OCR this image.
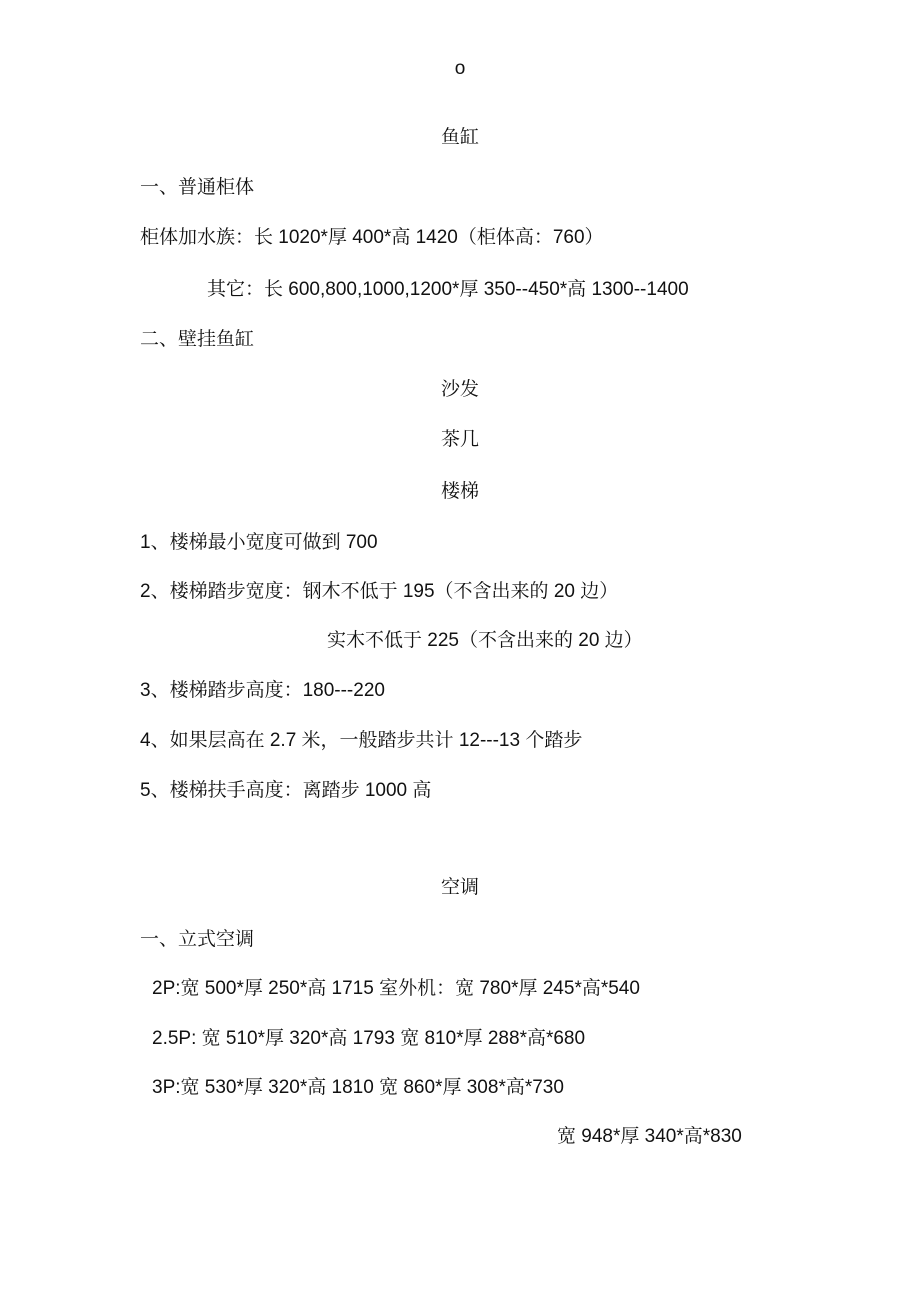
o
鱼缸
一、普通柜体
柜体加水族：长 1020*厚 400*高 1420（柜体高：760）
其它：长 600,800,1000,1200*厚 350--450*高 1300--1400
二、壁挂鱼缸
沙发
茶几
楼梯
1、楼梯最小宽度可做到 700
2、楼梯踏步宽度：钢木不低于 195（不含出来的 20 边）
实木不低于 225（不含出来的 20 边）
3、楼梯踏步高度：180---220
4、如果层高在 2.7 米，一般踏步共计 12---13 个踏步
5、楼梯扶手高度：离踏步 1000 高
空调
一、立式空调
2P:宽 500*厚 250*高 1715 室外机：宽 780*厚 245*高*540
2.5P: 宽 510*厚 320*高 1793 宽 810*厚 288*高*680
3P:宽 530*厚 320*高 1810 宽 860*厚 308*高*730
宽 948*厚 340*高*830
